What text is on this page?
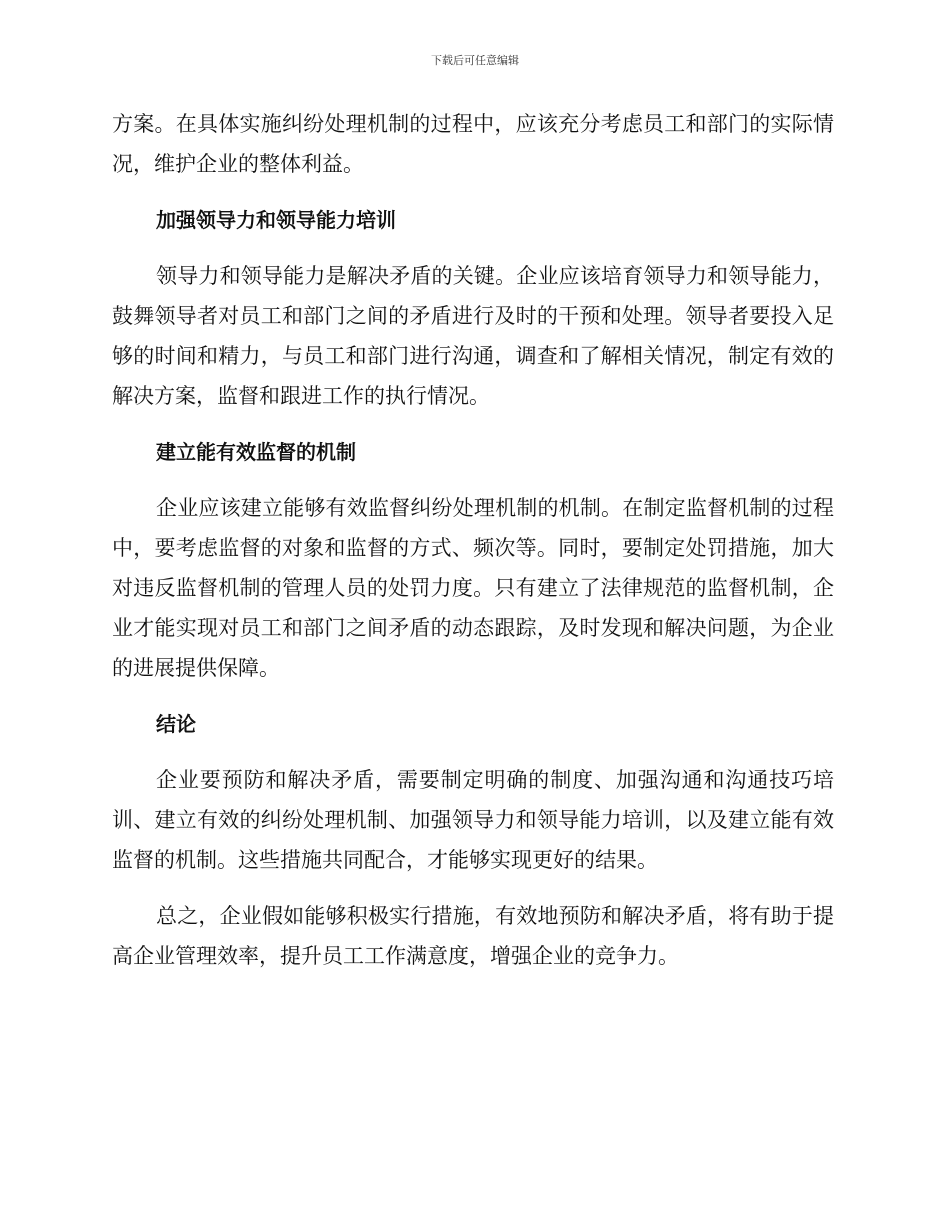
下载后可任意编辑

方案。在具体实施纠纷处理机制的过程中，应该充分考虑员工和部门的实际情况，维护企业的整体利益。

加强领导力和领导能力培训

领导力和领导能力是解决矛盾的关键。企业应该培育领导力和领导能力，鼓舞领导者对员工和部门之间的矛盾进行及时的干预和处理。领导者要投入足够的时间和精力，与员工和部门进行沟通，调查和了解相关情况，制定有效的解决方案，监督和跟进工作的执行情况。

建立能有效监督的机制

企业应该建立能够有效监督纠纷处理机制的机制。在制定监督机制的过程中，要考虑监督的对象和监督的方式、频次等。同时，要制定处罚措施，加大对违反监督机制的管理人员的处罚力度。只有建立了法律规范的监督机制，企业才能实现对员工和部门之间矛盾的动态跟踪，及时发现和解决问题，为企业的进展提供保障。

结论

企业要预防和解决矛盾，需要制定明确的制度、加强沟通和沟通技巧培训、建立有效的纠纷处理机制、加强领导力和领导能力培训，以及建立能有效监督的机制。这些措施共同配合，才能够实现更好的结果。

总之，企业假如能够积极实行措施，有效地预防和解决矛盾，将有助于提高企业管理效率，提升员工工作满意度，增强企业的竞争力。
